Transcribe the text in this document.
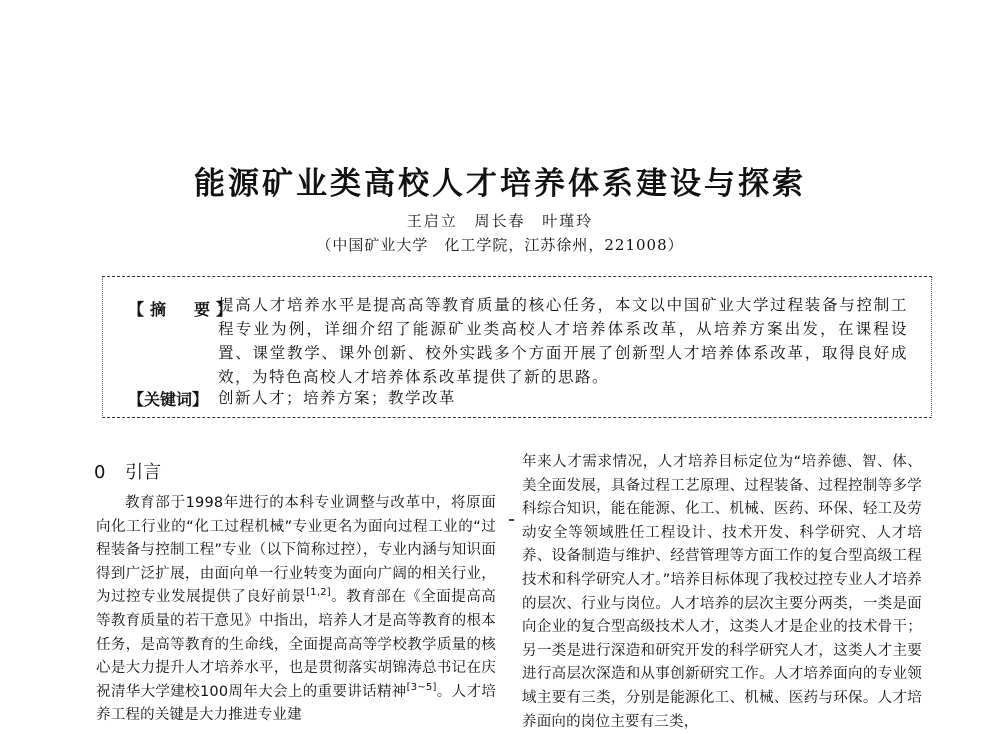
能源矿业类高校人才培养体系建设与探索
王启立 周长春 叶瑾玲
（中国矿业大学　化工学院，江苏徐州，221008）
【摘　要】

提高人才培养水平是提高高等教育质量的核心任务，本文以中国矿业大学过程装备与控制工程专业为例，详细介绍了能源矿业类高校人才培养体系改革，从培养方案出发，在课程设置、课堂教学、课外创新、校外实践多个方面开展了创新型人才培养体系改革，取得良好成效，为特色高校人才培养体系改革提供了新的思路。

【关键词】 创新人才；培养方案；教学改革
0 引言

教育部于1998年进行的本科专业调整与改革中，将原面向化工行业的“化工过程机械”专业更名为面向过程工业的“过程装备与控制工程”专业（以下简称过控），专业内涵与知识面得到广泛扩展，由面向单一行业转变为面向广阔的相关行业，为过控专业发展提供了良好前景[1,2]。教育部在《全面提高高等教育质量的若干意见》中指出，培养人才是高等教育的根本任务，是高等教育的生命线，全面提高高等学校教学质量的核心是大力提升人才培养水平，也是贯彻落实胡锦涛总书记在庆祝清华大学建校100周年大会上的重要讲话精神[3~5]。人才培养工程的关键是大力推进专业建

年来人才需求情况，人才培养目标定位为“培养德、智、体、美全面发展，具备过程工艺原理、过程装备、过程控制等多学科综合知识，能在能源、化工、机械、医药、环保、轻工及劳动安全等领域胜任工程设计、技术开发、科学研究、人才培养、设备制造与维护、经营管理等方面工作的复合型高级工程技术和科学研究人才。”培养目标体现了我校过控专业人才培养的层次、行业与岗位。人才培养的层次主要分两类，一类是面向企业的复合型高级技术人才，这类人才是企业的技术骨干；另一类是进行深造和研究开发的科学研究人才，这类人才主要进行高层次深造和从事创新研究工作。人才培养面向的专业领域主要有三类，分别是能源化工、机械、医药与环保。人才培养面向的岗位主要有三类，
